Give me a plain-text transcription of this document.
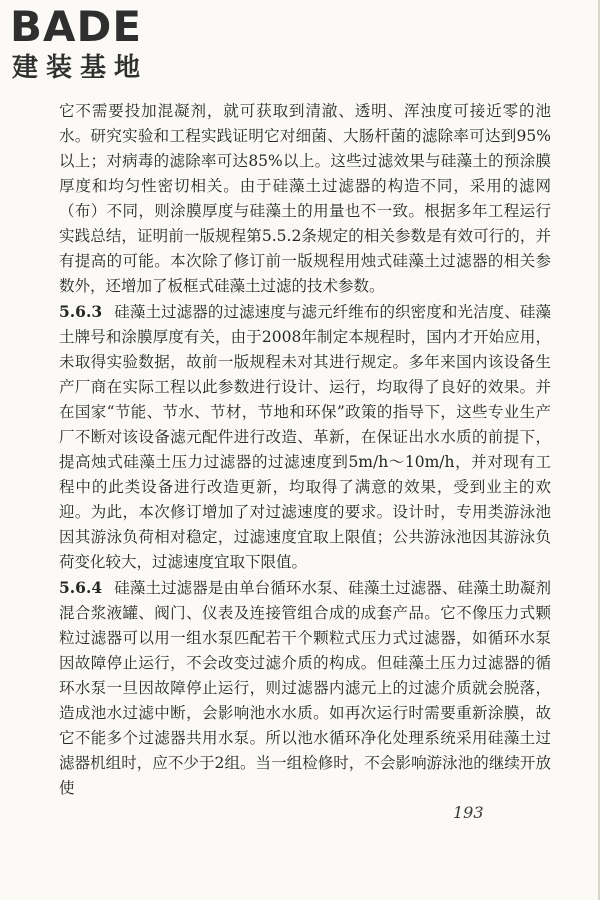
BADE
建装基地

它不需要投加混凝剂，就可获取到清澈、透明、浑浊度可接近零的池水。研究实验和工程实践证明它对细菌、大肠杆菌的滤除率可达到95%以上；对病毒的滤除率可达85%以上。这些过滤效果与硅藻土的预涂膜厚度和均匀性密切相关。由于硅藻土过滤器的构造不同，采用的滤网（布）不同，则涂膜厚度与硅藻土的用量也不一致。根据多年工程运行实践总结，证明前一版规程第5.5.2条规定的相关参数是有效可行的，并有提高的可能。本次除了修订前一版规程用烛式硅藻土过滤器的相关参数外，还增加了板框式硅藻土过滤的技术参数。

5.6.3 硅藻土过滤器的过滤速度与滤元纤维布的织密度和光洁度、硅藻土牌号和涂膜厚度有关，由于2008年制定本规程时，国内才开始应用，未取得实验数据，故前一版规程未对其进行规定。多年来国内该设备生产厂商在实际工程以此参数进行设计、运行，均取得了良好的效果。并在国家“节能、节水、节材，节地和环保”政策的指导下，这些专业生产厂不断对该设备滤元配件进行改造、革新，在保证出水水质的前提下，提高烛式硅藻土压力过滤器的过滤速度到5m/h～10m/h，并对现有工程中的此类设备进行改造更新，均取得了满意的效果，受到业主的欢迎。为此，本次修订增加了对过滤速度的要求。设计时，专用类游泳池因其游泳负荷相对稳定，过滤速度宜取上限值；公共游泳池因其游泳负荷变化较大，过滤速度宜取下限值。

5.6.4 硅藻土过滤器是由单台循环水泵、硅藻土过滤器、硅藻土助凝剂混合浆液罐、阀门、仪表及连接管组合成的成套产品。它不像压力式颗粒过滤器可以用一组水泵匹配若干个颗粒式压力式过滤器，如循环水泵因故障停止运行，不会改变过滤介质的构成。但硅藻土压力过滤器的循环水泵一旦因故障停止运行，则过滤器内滤元上的过滤介质就会脱落，造成池水过滤中断，会影响池水水质。如再次运行时需要重新涂膜，故它不能多个过滤器共用水泵。所以池水循环净化处理系统采用硅藻土过滤器机组时，应不少于2组。当一组检修时，不会影响游泳池的继续开放使

193
